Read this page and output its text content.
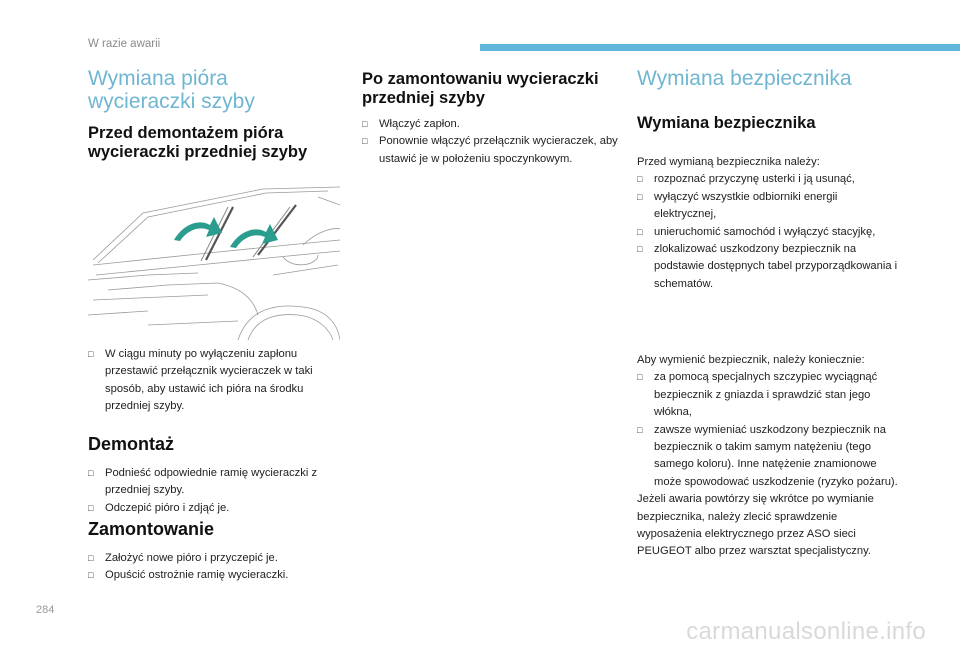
W razie awarii
Wymiana pióra wycieraczki szyby
Przed demontażem pióra wycieraczki przedniej szyby
□ W ciągu minuty po wyłączeniu zapłonu przestawić przełącznik wycieraczek w taki sposób, aby ustawić ich pióra na środku przedniej szyby.
Demontaż
□ Podnieść odpowiednie ramię wycieraczki z przedniej szyby.
□ Odczepić pióro i zdjąć je.
Zamontowanie
□ Założyć nowe pióro i przyczepić je.
□ Opuścić ostrożnie ramię wycieraczki.
Po zamontowaniu wycieraczki przedniej szyby
□ Włączyć zapłon.
□ Ponownie włączyć przełącznik wycieraczek, aby ustawić je w położeniu spoczynkowym.
Wymiana bezpiecznika
Wymiana bezpiecznika
Przed wymianą bezpiecznika należy:
□ rozpoznać przyczynę usterki i ją usunąć,
□ wyłączyć wszystkie odbiorniki energii elektrycznej,
□ unieruchomić samochód i wyłączyć stacyjkę,
□ zlokalizować uszkodzony bezpiecznik na podstawie dostępnych tabel przyporządkowania i schematów.
Aby wymienić bezpiecznik, należy koniecznie:
□ za pomocą specjalnych szczypiec wyciągnąć bezpiecznik z gniazda i sprawdzić stan jego włókna,
□ zawsze wymieniać uszkodzony bezpiecznik na bezpiecznik o takim samym natężeniu (tego samego koloru). Inne natężenie znamionowe może spowodować uszkodzenie (ryzyko pożaru).
Jeżeli awaria powtórzy się wkrótce po wymianie bezpiecznika, należy zlecić sprawdzenie wyposażenia elektrycznego przez ASO sieci PEUGEOT albo przez warsztat specjalistyczny.
284
carmanualsonline.info
